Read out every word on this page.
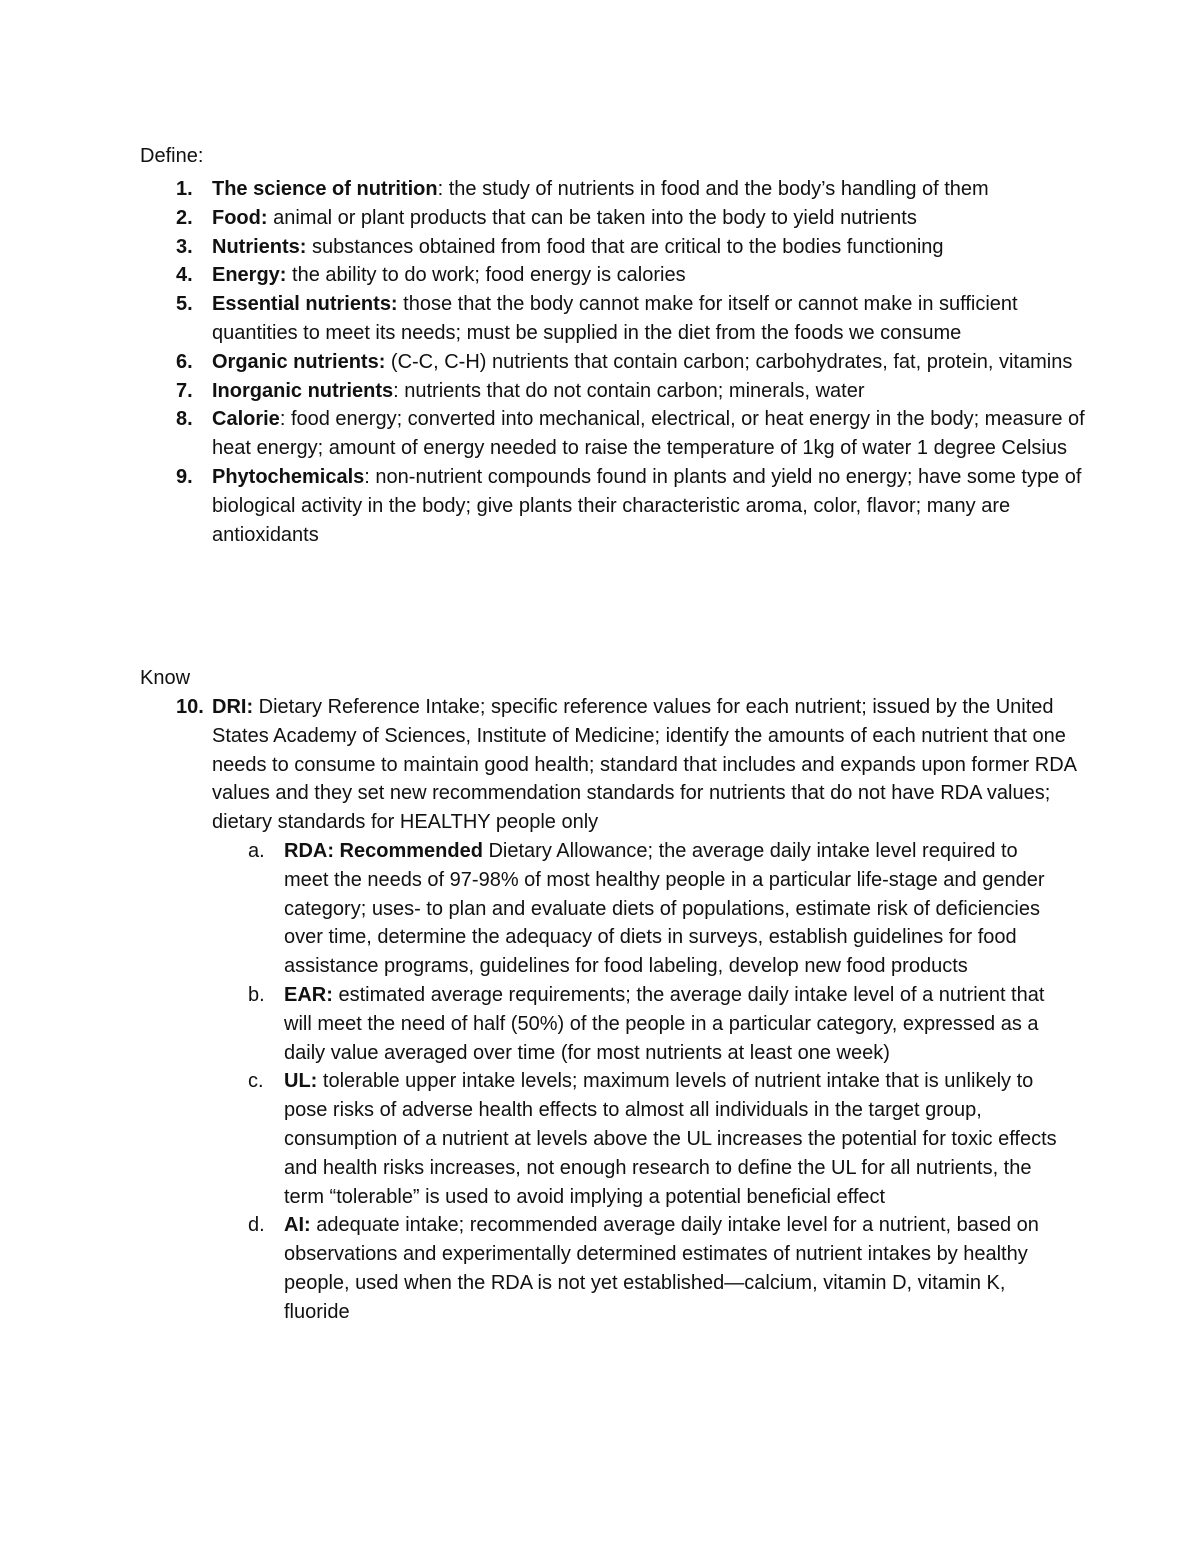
Define:
1. The science of nutrition: the study of nutrients in food and the body’s handling of them
2. Food: animal or plant products that can be taken into the body to yield nutrients
3. Nutrients: substances obtained from food that are critical to the bodies functioning
4. Energy: the ability to do work; food energy is calories
5. Essential nutrients: those that the body cannot make for itself or cannot make in sufficient quantities to meet its needs; must be supplied in the diet from the foods we consume
6. Organic nutrients: (C-C, C-H) nutrients that contain carbon; carbohydrates, fat, protein, vitamins
7. Inorganic nutrients: nutrients that do not contain carbon; minerals, water
8. Calorie: food energy; converted into mechanical, electrical, or heat energy in the body; measure of heat energy; amount of energy needed to raise the temperature of 1kg of water 1 degree Celsius
9. Phytochemicals: non-nutrient compounds found in plants and yield no energy; have some type of biological activity in the body; give plants their characteristic aroma, color, flavor; many are antioxidants
Know
10. DRI: Dietary Reference Intake; specific reference values for each nutrient; issued by the United States Academy of Sciences, Institute of Medicine; identify the amounts of each nutrient that one needs to consume to maintain good health; standard that includes and expands upon former RDA values and they set new recommendation standards for nutrients that do not have RDA values; dietary standards for HEALTHY people only
a. RDA: Recommended Dietary Allowance; the average daily intake level required to meet the needs of 97-98% of most healthy people in a particular life-stage and gender category; uses- to plan and evaluate diets of populations, estimate risk of deficiencies over time, determine the adequacy of diets in surveys, establish guidelines for food assistance programs, guidelines for food labeling, develop new food products
b. EAR: estimated average requirements; the average daily intake level of a nutrient that will meet the need of half (50%) of the people in a particular category, expressed as a daily value averaged over time (for most nutrients at least one week)
c.	UL: tolerable upper intake levels; maximum levels of nutrient intake that is unlikely to pose risks of adverse health effects to almost all individuals in the target group, consumption of a nutrient at levels above the UL increases the potential for toxic effects and health risks increases, not enough research to define the UL for all nutrients, the term “tolerable” is used to avoid implying a potential beneficial effect
d. AI: adequate intake; recommended average daily intake level for a nutrient, based on observations and experimentally determined estimates of nutrient intakes by healthy people, used when the RDA is not yet established—calcium, vitamin D, vitamin K, fluoride
